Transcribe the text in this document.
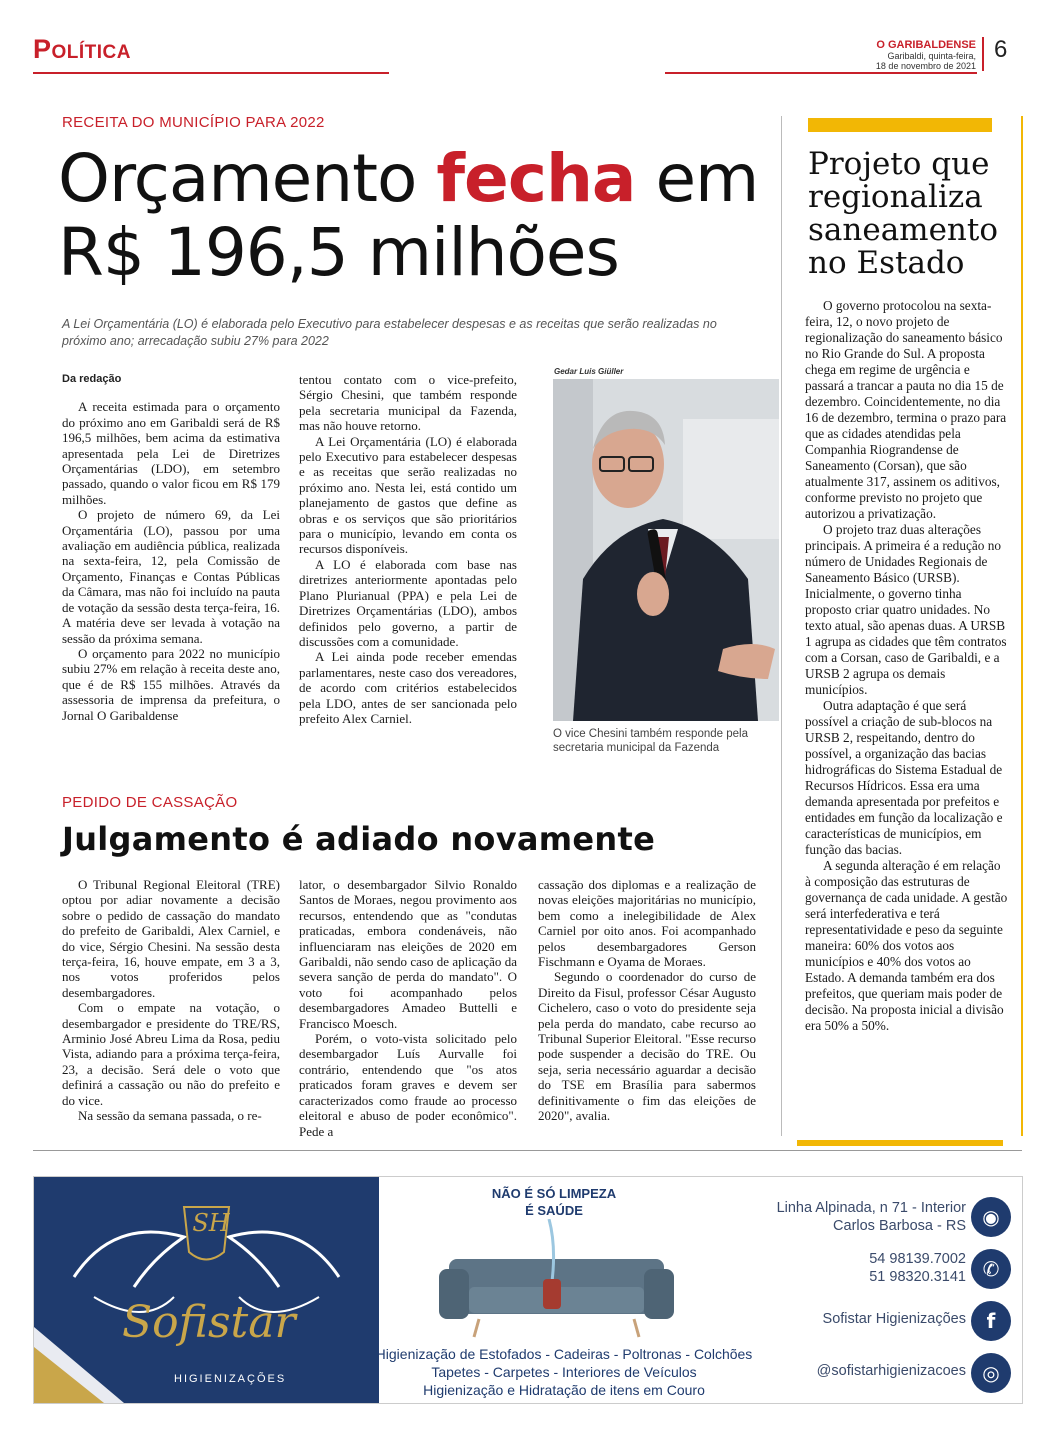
Política	O GARIBALDENSE
Garibaldi, quinta-feira,
18 de novembro de 2021
6
RECEITA DO MUNICÍPIO PARA 2022
Orçamento fecha em
R$ 196,5 milhões
A Lei Orçamentária (LO) é elaborada pelo Executivo para estabelecer despesas e as receitas que serão realizadas no próximo ano; arrecadação subiu 27% para 2022
Da redação

A receita estimada para o orçamento do próximo ano em Garibaldi será de R$ 196,5 milhões, bem acima da estimativa apresentada pela Lei de Diretrizes Orçamentárias (LDO), em setembro passado, quando o valor ficou em R$ 179 milhões.

O projeto de número 69, da Lei Orçamentária (LO), passou por uma avaliação em audiência pública, realizada na sexta-feira, 12, pela Comissão de Orçamento, Finanças e Contas Públicas da Câmara, mas não foi incluído na pauta de votação da sessão desta terça-feira, 16. A matéria deve ser levada à votação na sessão da próxima semana.

O orçamento para 2022 no município subiu 27% em relação à receita deste ano, que é de R$ 155 milhões. Através da assessoria de imprensa da prefeitura, o Jornal O Garibaldense

tentou contato com o vice-prefeito, Sérgio Chesini, que também responde pela secretaria municipal da Fazenda, mas não houve retorno.

A Lei Orçamentária (LO) é elaborada pelo Executivo para estabelecer despesas e as receitas que serão realizadas no próximo ano. Nesta lei, está contido um planejamento de gastos que define as obras e os serviços que são prioritários para o município, levando em conta os recursos disponíveis.

A LO é elaborada com base nas diretrizes anteriormente apontadas pelo Plano Plurianual (PPA) e pela Lei de Diretrizes Orçamentárias (LDO), ambos definidos pelo governo, a partir de discussões com a comunidade.

A Lei ainda pode receber emendas parlamentares, neste caso dos vereadores, de acordo com critérios estabelecidos pela LDO, antes de ser sancionada pelo prefeito Alex Carniel.

Gedar Luis Giüller
O vice Chesini também responde pela secretaria municipal da Fazenda
PEDIDO DE CASSAÇÃO
Julgamento é adiado novamente

O Tribunal Regional Eleitoral (TRE) optou por adiar novamente a decisão sobre o pedido de cassação do mandato do prefeito de Garibaldi, Alex Carniel, e do vice, Sérgio Chesini. Na sessão desta terça-feira, 16, houve empate, em 3 a 3, nos votos proferidos pelos desembargadores.

Com o empate na votação, o desembargador e presidente do TRE/RS, Arminio José Abreu Lima da Rosa, pediu Vista, adiando para a próxima terça-feira, 23, a decisão. Será dele o voto que definirá a cassação ou não do prefeito e do vice.

Na sessão da semana passada, o re-

lator, o desembargador Silvio Ronaldo Santos de Moraes, negou provimento aos recursos, entendendo que as "condutas praticadas, embora condenáveis, não influenciaram nas eleições de 2020 em Garibaldi, não sendo caso de aplicação da severa sanção de perda do mandato". O voto foi acompanhado pelos desembargadores Amadeo Buttelli e Francisco Moesch.

Porém, o voto-vista solicitado pelo desembargador Luís Aurvalle foi contrário, entendendo que "os atos praticados foram graves e devem ser caracterizados como fraude ao processo eleitoral e abuso de poder econômico". Pede a

cassação dos diplomas e a realização de novas eleições majoritárias no município, bem como a inelegibilidade de Alex Carniel por oito anos. Foi acompanhado pelos desembargadores Gerson Fischmann e Oyama de Moraes.

Segundo o coordenador do curso de Direito da Fisul, professor César Augusto Cichelero, caso o voto do presidente seja pela perda do mandato, cabe recurso ao Tribunal Superior Eleitoral. "Esse recurso pode suspender a decisão do TRE. Ou seja, seria necessário aguardar a decisão do TSE em Brasília para sabermos definitivamente o fim das eleições de 2020", avalia.

Projeto que regionaliza saneamento no Estado

O governo protocolou na sexta-feira, 12, o novo projeto de regionalização do saneamento básico no Rio Grande do Sul. A proposta chega em regime de urgência e passará a trancar a pauta no dia 15 de dezembro. Coincidentemente, no dia 16 de dezembro, termina o prazo para que as cidades atendidas pela Companhia Riograndense de Saneamento (Corsan), que são atualmente 317, assinem os aditivos, conforme previsto no projeto que autorizou a privatização.

O projeto traz duas alterações principais. A primeira é a redução no número de Unidades Regionais de Saneamento Básico (URSB). Inicialmente, o governo tinha proposto criar quatro unidades. No texto atual, são apenas duas. A URSB 1 agrupa as cidades que têm contratos com a Corsan, caso de Garibaldi, e a URSB 2 agrupa os demais municípios.

Outra adaptação é que será possível a criação de sub-blocos na URSB 2, respeitando, dentro do possível, a organização das bacias hidrográficas do Sistema Estadual de Recursos Hídricos. Essa era uma demanda apresentada por prefeitos e entidades em função da localização e características de municípios, em função das bacias.

A segunda alteração é em relação à composição das estruturas de governança de cada unidade. A gestão será interfederativa e terá representatividade e peso da seguinte maneira: 60% dos votos aos municípios e 40% dos votos ao Estado. A demanda também era dos prefeitos, que queriam mais poder de decisão. Na proposta inicial a divisão era 50% a 50%.

SH
Sofistar
HIGIENIZAÇÕES
NÃO É SÓ LIMPEZA
É SAÚDE
Higienização de Estofados - Cadeiras - Poltronas - Colchões
Tapetes - Carpetes - Interiores de Veículos
Higienização e Hidratação de itens em Couro
Linha Alpinada, n 71 - Interior
Carlos Barbosa - RS ◉
54 98139.7002
51 98320.3141 ✆
Sofistar Higienizações	f
@sofistarhigienizacoes ◎
